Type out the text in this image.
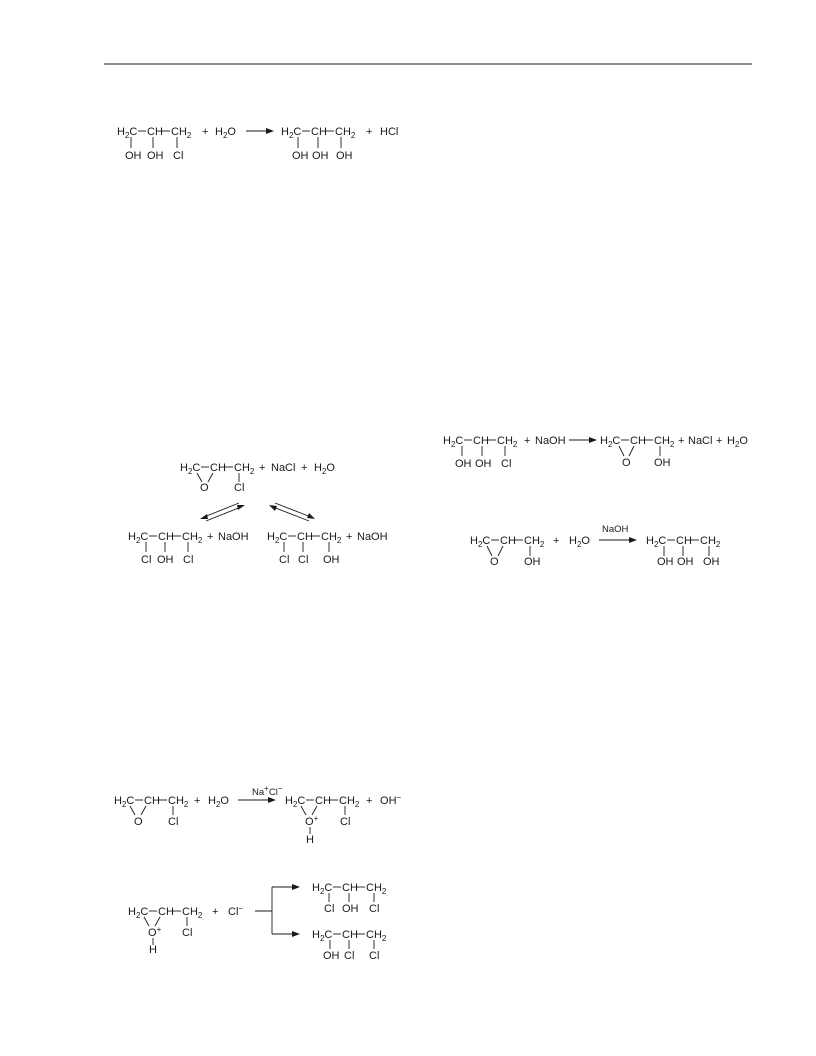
$H_2C$ CH $CH_2$
OH OH Cl
+ $H_2O$	$H_2C$ CH $CH_2$
OH OH OH
+ HCl
$H_2C$ CH $CH_2$
OH OH Cl
+ NaOH	$H_2C$ CH $CH_2$
O OH
+ NaCl + $H_2O$
$H_2C$ CH $CH_2$
O Cl
+ NaCl + $H_2O$
$H_2C$ CH $CH_2$
Cl OH Cl
+ NaOH $H_2C$ CH $CH_2$
Cl Cl OH
+ NaOH	$H_2C$ CH $CH_2$
O OH
+ $H_2O$
NaOH
$H_2C$ CH $CH_2$
OH OH OH
$H_2C$ CH $CH_2$
O Cl
+ $H_2O$
Na+Cl−
$H_2C$ CH $CH_2$
O+
H
Cl
+ OH−
$H_2C$ CH $CH_2$
O+
H
Cl
+ Cl−
$H_2C$ CH $CH_2$
Cl OH Cl
$H_2C$ CH $CH_2$
OH Cl Cl
